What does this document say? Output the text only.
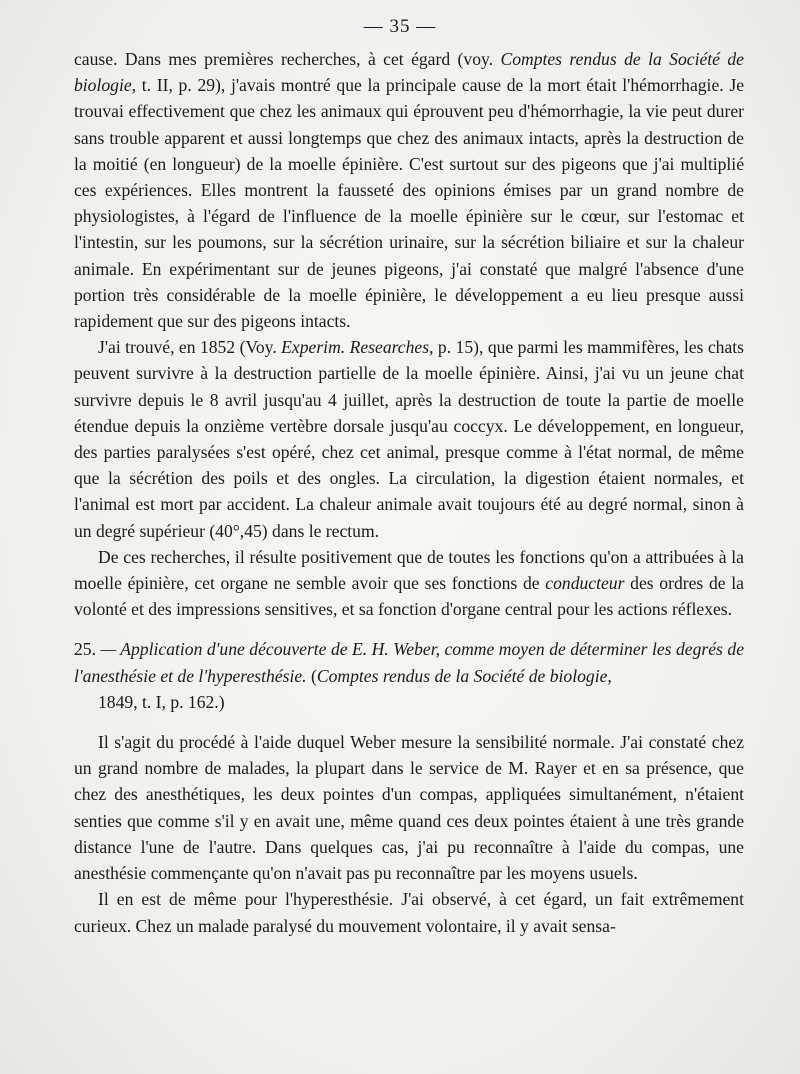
— 35 —

cause. Dans mes premières recherches, à cet égard (voy. Comptes rendus de la Société de biologie, t. II, p. 29), j'avais montré que la principale cause de la mort était l'hémorrhagie. Je trouvai effectivement que chez les animaux qui éprouvent peu d'hémorrhagie, la vie peut durer sans trouble apparent et aussi longtemps que chez des animaux intacts, après la destruction de la moitié (en longueur) de la moelle épinière. C'est surtout sur des pigeons que j'ai multiplié ces expériences. Elles montrent la fausseté des opinions émises par un grand nombre de physiologistes, à l'égard de l'influence de la moelle épinière sur le cœur, sur l'estomac et l'intestin, sur les poumons, sur la sécrétion urinaire, sur la sécrétion biliaire et sur la chaleur animale. En expérimentant sur de jeunes pigeons, j'ai constaté que malgré l'absence d'une portion très considérable de la moelle épinière, le développement a eu lieu presque aussi rapidement que sur des pigeons intacts.

J'ai trouvé, en 1852 (Voy. Experim. Researches, p. 15), que parmi les mammifères, les chats peuvent survivre à la destruction partielle de la moelle épinière. Ainsi, j'ai vu un jeune chat survivre depuis le 8 avril jusqu'au 4 juillet, après la destruction de toute la partie de moelle étendue depuis la onzième vertèbre dorsale jusqu'au coccyx. Le développement, en longueur, des parties paralysées s'est opéré, chez cet animal, presque comme à l'état normal, de même que la sécrétion des poils et des ongles. La circulation, la digestion étaient normales, et l'animal est mort par accident. La chaleur animale avait toujours été au degré normal, sinon à un degré supérieur (40°,45) dans le rectum.

De ces recherches, il résulte positivement que de toutes les fonctions qu'on a attribuées à la moelle épinière, cet organe ne semble avoir que ses fonctions de conducteur des ordres de la volonté et des impressions sensitives, et sa fonction d'organe central pour les actions réflexes.

25. — Application d'une découverte de E. H. Weber, comme moyen de déterminer les degrés de l'anesthésie et de l'hyperesthésie. (Comptes rendus de la Société de biologie,

1849, t. I, p. 162.)

Il s'agit du procédé à l'aide duquel Weber mesure la sensibilité normale. J'ai constaté chez un grand nombre de malades, la plupart dans le service de M. Rayer et en sa présence, que chez des anesthétiques, les deux pointes d'un compas, appliquées simultanément, n'étaient senties que comme s'il y en avait une, même quand ces deux pointes étaient à une très grande distance l'une de l'autre. Dans quelques cas, j'ai pu reconnaître à l'aide du compas, une anesthésie commençante qu'on n'avait pas pu reconnaître par les moyens usuels.

Il en est de même pour l'hyperesthésie. J'ai observé, à cet égard, un fait extrêmement curieux. Chez un malade paralysé du mouvement volontaire, il y avait sensa-
